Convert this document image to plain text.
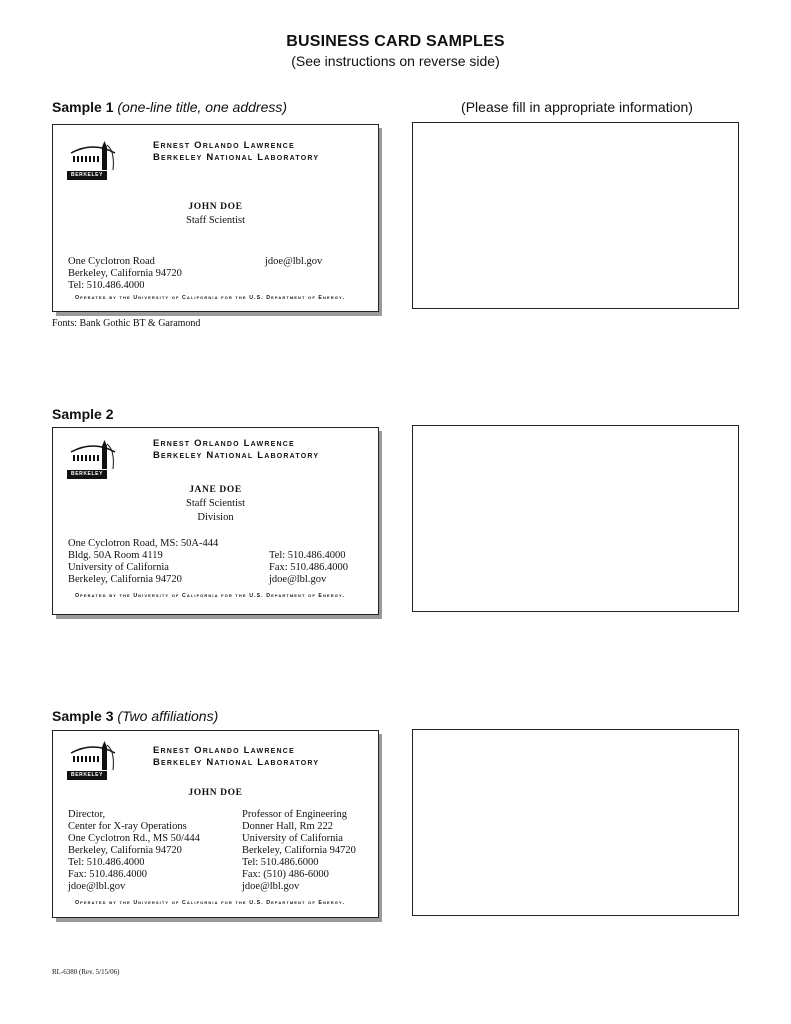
BUSINESS CARD SAMPLES
(See instructions on reverse side)
Sample 1 (one-line title, one address)	(Please fill in appropriate information)
BERKELEY LAB
Ernest Orlando Lawrence
Berkeley National Laboratory
JOHN DOE
Staff Scientist
One Cyclotron Road
Berkeley, California 94720
Tel: 510.486.4000
jdoe@lbl.gov
Operated by the University of California for the U.S. Department of Energy.
Fonts: Bank Gothic BT & Garamond
Sample 2
BERKELEY LAB
Ernest Orlando Lawrence
Berkeley National Laboratory
JANE DOE
Staff Scientist
Division
One Cyclotron Road, MS: 50A-444
Bldg. 50A Room 4119
University of California
Berkeley, California 94720
Tel: 510.486.4000
Fax: 510.486.4000
jdoe@lbl.gov
Operated by the University of California for the U.S. Department of Energy.
Sample 3 (Two affiliations)
BERKELEY LAB
Ernest Orlando Lawrence
Berkeley National Laboratory
JOHN DOE
Director,
Center for X-ray Operations
One Cyclotron Rd., MS 50/444
Berkeley, California 94720
Tel: 510.486.4000
Fax: 510.486.4000
jdoe@lbl.gov
Professor of Engineering
Donner Hall, Rm 222
University of California
Berkeley, California 94720
Tel: 510.486.6000
Fax: (510) 486-6000
jdoe@lbl.gov
Operated by the University of California for the U.S. Department of Energy.
RL-6380 (Rev. 5/15/06)
